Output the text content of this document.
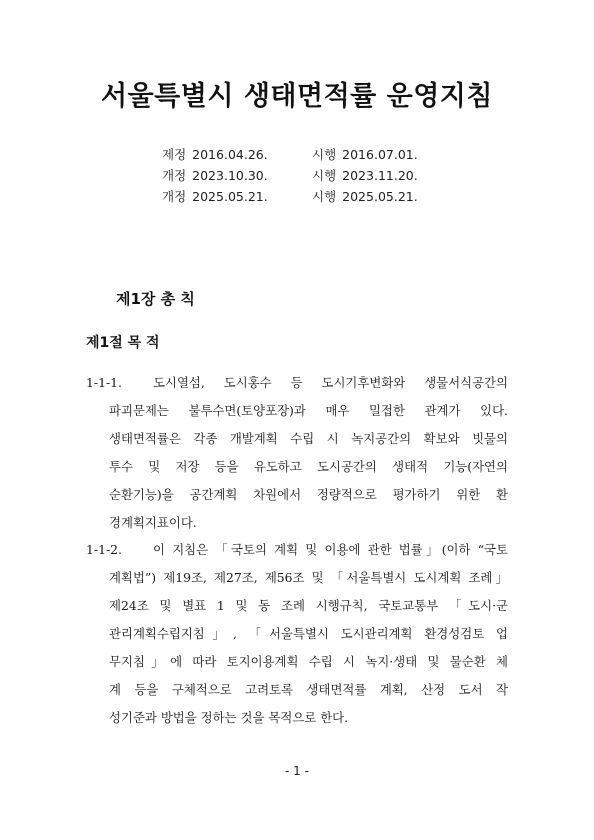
서울특별시 생태면적률 운영지침
제정 2016.04.26.	시행 2016.07.01.
개정 2023.10.30.	시행 2023.11.20.
개정 2025.05.21.	시행 2025.05.21.
제1장 총 칙
제1절 목 적
1-1-1.	도시열섬, 도시홍수 등 도시기후변화와 생물서식공간의
파괴문제는 불투수면(토양포장)과 매우 밀접한 관계가 있다.
생태면적률은 각종 개발계획 수립 시 녹지공간의 확보와 빗물의
투수 및 저장 등을 유도하고 도시공간의 생태적 기능(자연의
순환기능)을 공간계획 차원에서 정량적으로 평가하기 위한 환
경계획지표이다.
1-1-2.	이 지침은 「국토의 계획 및 이용에 관한 법률」(이하 “국토
계획법”) 제19조, 제27조, 제56조 및 「서울특별시 도시계획 조례」
제24조 및 별표 1 및 동 조례 시행규칙, 국토교통부 「도시·군
관리계획수립지침」, 「서울특별시 도시관리계획 환경성검토 업
무지침」에 따라 토지이용계획 수립 시 녹지·생태 및 물순환 체
계 등을 구체적으로 고려토록 생태면적률 계획, 산정 도서 작
성기준과 방법을 정하는 것을 목적으로 한다.
- 1 -
